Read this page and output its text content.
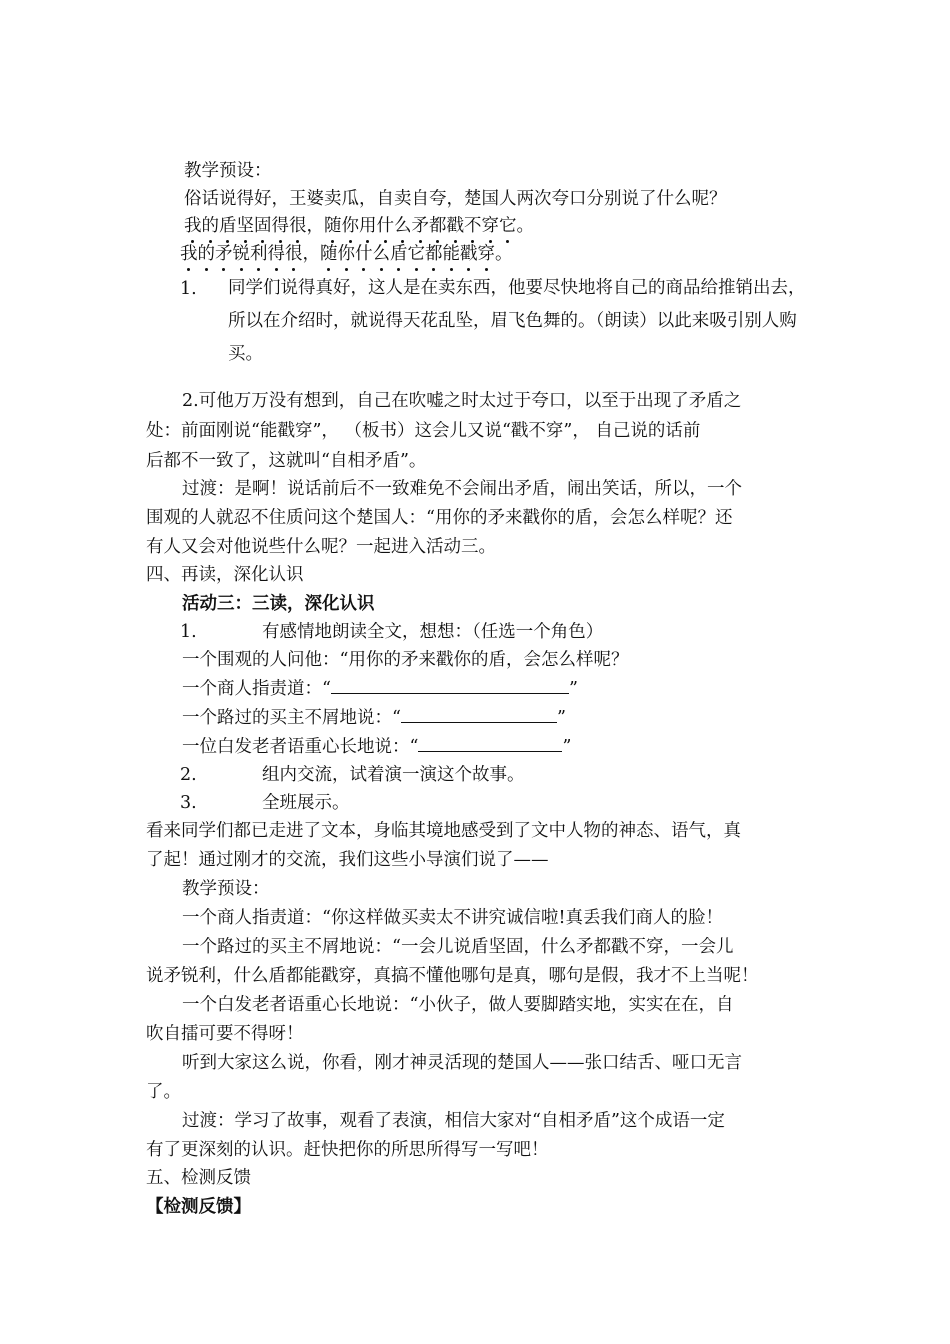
教学预设：
俗话说得好，王婆卖瓜，自卖自夸，楚国人两次夸口分别说了什么呢？
我的盾坚固得很，随你用什么矛都戳不穿它。
我的矛锐利得很，随你什么盾它都能戳穿。
1. 同学们说得真好，这人是在卖东西，他要尽快地将自己的商品给推销出去，所以在介绍时，就说得天花乱坠，眉飞色舞的。（朗读）以此来吸引别人购买。
2.可他万万没有想到，自己在吹嘘之时太过于夸口，以至于出现了矛盾之
处：前面刚说“能戳穿”， （板书）这会儿又说“戳不穿”， 自己说的话前
后都不一致了，这就叫“自相矛盾”。
过渡：是啊！说话前后不一致难免不会闹出矛盾，闹出笑话，所以，一个
围观的人就忍不住质问这个楚国人：“用你的矛来戳你的盾，会怎么样呢？还
有人又会对他说些什么呢？一起进入活动三。
四、再读，深化认识
活动三：三读，深化认识
1.	有感情地朗读全文，想想：（任选一个角色）
一个围观的人问他：“用你的矛来戳你的盾，会怎么样呢？
一个商人指责道：“	”
一个路过的买主不屑地说：“	”
一位白发老者语重心长地说：“	”
2.	组内交流，试着演一演这个故事。
3.	全班展示。
看来同学们都已走进了文本，身临其境地感受到了文中人物的神态、语气，真
了起！通过刚才的交流，我们这些小导演们说了——
教学预设：
一个商人指责道：“你这样做买卖太不讲究诚信啦!真丢我们商人的脸！
一个路过的买主不屑地说：“一会儿说盾坚固，什么矛都戳不穿，一会儿
说矛锐利，什么盾都能戳穿，真搞不懂他哪句是真，哪句是假，我才不上当呢！
一个白发老者语重心长地说：“小伙子，做人要脚踏实地，实实在在，自
吹自擂可要不得呀！
听到大家这么说，你看，刚才神灵活现的楚国人——张口结舌、哑口无言
了。
过渡：学习了故事，观看了表演，相信大家对“自相矛盾”这个成语一定
有了更深刻的认识。赶快把你的所思所得写一写吧！
五、检测反馈
【检测反馈】
